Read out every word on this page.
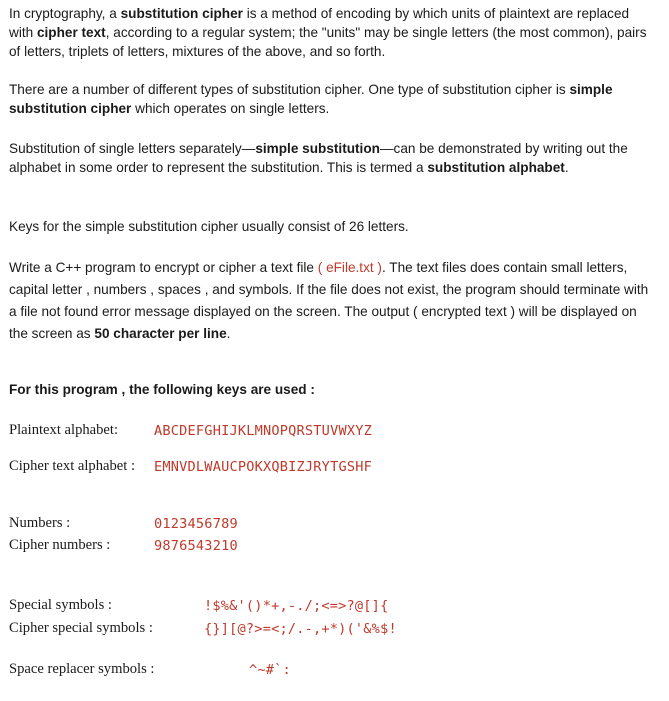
In cryptography, a substitution cipher is a method of encoding by which units of plaintext are replaced with cipher text, according to a regular system; the "units" may be single letters (the most common), pairs of letters, triplets of letters, mixtures of the above, and so forth.
There are a number of different types of substitution cipher. One type of substitution cipher is simple substitution cipher which operates on single letters.
Substitution of single letters separately—simple substitution—can be demonstrated by writing out the alphabet in some order to represent the substitution. This is termed a substitution alphabet.
Keys for the simple substitution cipher usually consist of 26 letters.
Write a C++ program to encrypt or cipher a text file ( eFile.txt ). The text files does contain small letters, capital letter , numbers , spaces , and symbols. If the file does not exist, the program should terminate with a file not found error message displayed on the screen. The output ( encrypted text ) will be displayed on the screen as 50 character per line.
For this program , the following keys are used :
Plaintext alphabet:	ABCDEFGHIJKLMNOPQRSTUVWXYZ
Cipher text alphabet : EMNVDLWAUCPOKXQBIZJRYTGSHF
Numbers :	0123456789
Cipher numbers :	9876543210
Special symbols :	!$%&'()*+,-./;<=>?@[]{
Cipher special symbols :	{}][@?>=<;/.-,+*)('&%$!
Space replacer symbols :	^~#`:
